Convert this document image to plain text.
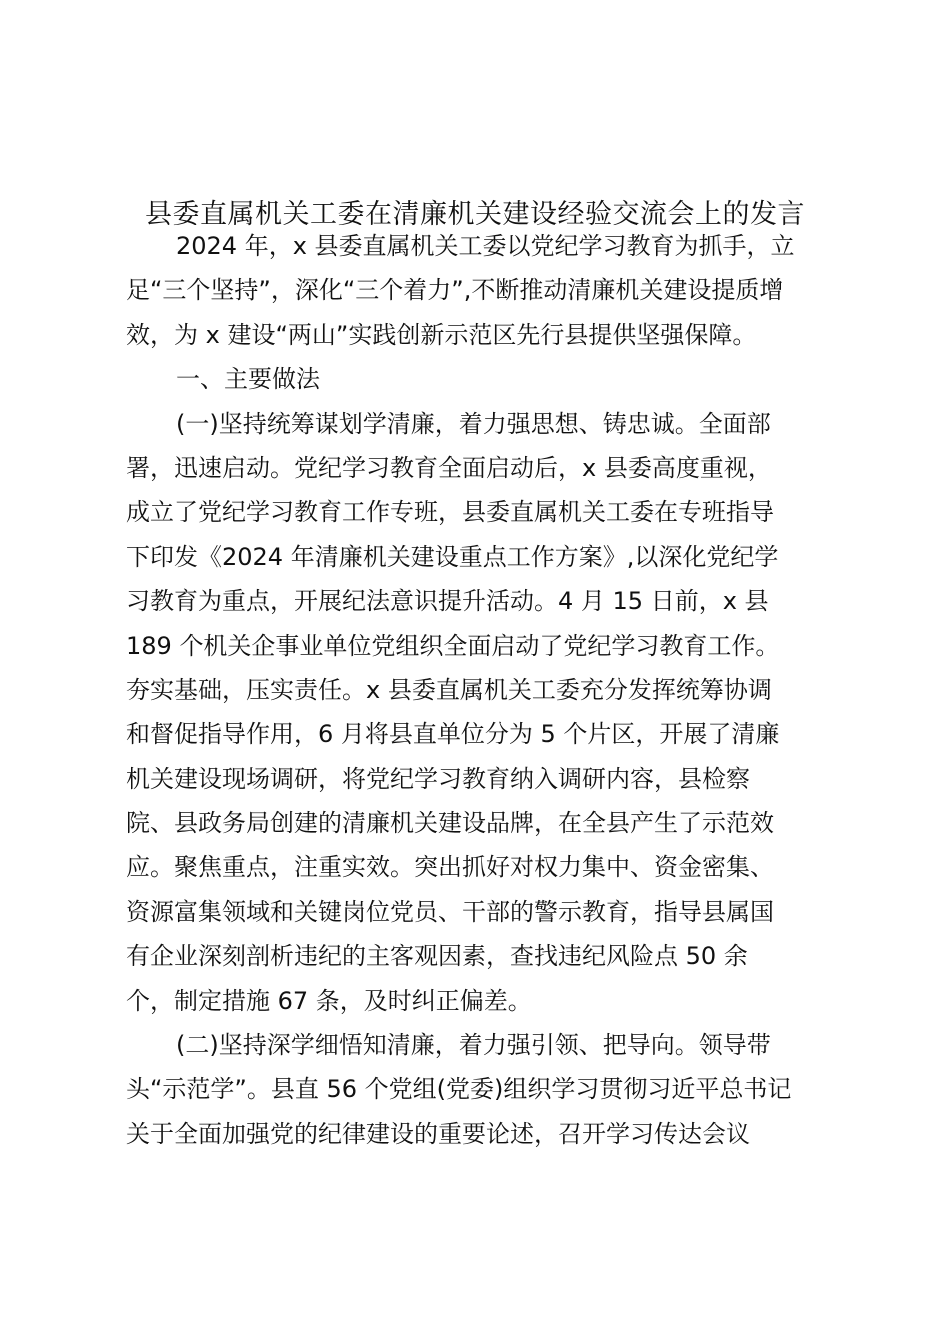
县委直属机关工委在清廉机关建设经验交流会上的发言
2024 年，x 县委直属机关工委以党纪学习教育为抓手，立
足“三个坚持”，深化“三个着力”,不断推动清廉机关建设提质增
效，为 x 建设“两山”实践创新示范区先行县提供坚强保障。
一、主要做法
(一)坚持统筹谋划学清廉，着力强思想、铸忠诚。全面部
署，迅速启动。党纪学习教育全面启动后，x 县委高度重视，
成立了党纪学习教育工作专班，县委直属机关工委在专班指导
下印发《2024 年清廉机关建设重点工作方案》,以深化党纪学
习教育为重点，开展纪法意识提升活动。4 月 15 日前，x 县
189 个机关企事业单位党组织全面启动了党纪学习教育工作。
夯实基础，压实责任。x 县委直属机关工委充分发挥统筹协调
和督促指导作用，6 月将县直单位分为 5 个片区，开展了清廉
机关建设现场调研，将党纪学习教育纳入调研内容，县检察
院、县政务局创建的清廉机关建设品牌，在全县产生了示范效
应。聚焦重点，注重实效。突出抓好对权力集中、资金密集、
资源富集领域和关键岗位党员、干部的警示教育，指导县属国
有企业深刻剖析违纪的主客观因素，查找违纪风险点 50 余
个，制定措施 67 条，及时纠正偏差。
(二)坚持深学细悟知清廉，着力强引领、把导向。领导带
头“示范学”。县直 56 个党组(党委)组织学习贯彻习近平总书记
关于全面加强党的纪律建设的重要论述，召开学习传达会议
